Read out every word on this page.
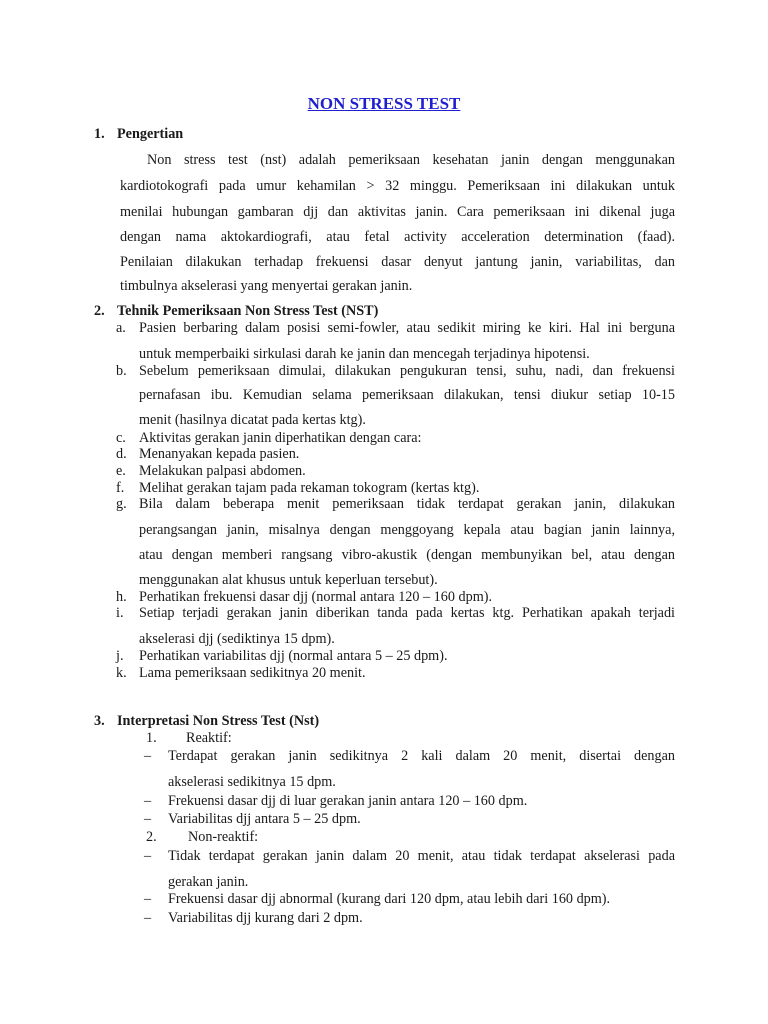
NON STRESS TEST
1. Pengertian
Non stress test (nst) adalah pemeriksaan kesehatan janin dengan menggunakan
kardiotokografi pada umur kehamilan > 32 minggu. Pemeriksaan ini dilakukan untuk
menilai hubungan gambaran djj dan aktivitas janin. Cara pemeriksaan ini dikenal juga
dengan nama aktokardiografi, atau fetal activity acceleration determination (faad).
Penilaian dilakukan terhadap frekuensi dasar denyut jantung janin, variabilitas, dan
timbulnya akselerasi yang menyertai gerakan janin.
2. Tehnik Pemeriksaan Non Stress Test (NST)
a. Pasien berbaring dalam posisi semi-fowler, atau sedikit miring ke kiri. Hal ini berguna
untuk memperbaiki sirkulasi darah ke janin dan mencegah terjadinya hipotensi.
b. Sebelum pemeriksaan dimulai, dilakukan pengukuran tensi, suhu, nadi, dan frekuensi
pernafasan ibu. Kemudian selama pemeriksaan dilakukan, tensi diukur setiap 10-15
menit (hasilnya dicatat pada kertas ktg).
c. Aktivitas gerakan janin diperhatikan dengan cara:
d. Menanyakan kepada pasien.
e. Melakukan palpasi abdomen.
f. Melihat gerakan tajam pada rekaman tokogram (kertas ktg).
g. Bila dalam beberapa menit pemeriksaan tidak terdapat gerakan janin, dilakukan
perangsangan janin, misalnya dengan menggoyang kepala atau bagian janin lainnya,
atau dengan memberi rangsang vibro-akustik (dengan membunyikan bel, atau dengan
menggunakan alat khusus untuk keperluan tersebut).
h. Perhatikan frekuensi dasar djj (normal antara 120 – 160 dpm).
i. Setiap terjadi gerakan janin diberikan tanda pada kertas ktg. Perhatikan apakah terjadi
akselerasi djj (sediktinya 15 dpm).
j. Perhatikan variabilitas djj (normal antara 5 – 25 dpm).
k. Lama pemeriksaan sedikitnya 20 menit.
3. Interpretasi Non Stress Test (Nst)
1. Reaktif:
– Terdapat gerakan janin sedikitnya 2 kali dalam 20 menit, disertai dengan
akselerasi sedikitnya 15 dpm.
– Frekuensi dasar djj di luar gerakan janin antara 120 – 160 dpm.
– Variabilitas djj antara 5 – 25 dpm.
2. Non-reaktif:
– Tidak terdapat gerakan janin dalam 20 menit, atau tidak terdapat akselerasi pada
gerakan janin.
– Frekuensi dasar djj abnormal (kurang dari 120 dpm, atau lebih dari 160 dpm).
– Variabilitas djj kurang dari 2 dpm.
